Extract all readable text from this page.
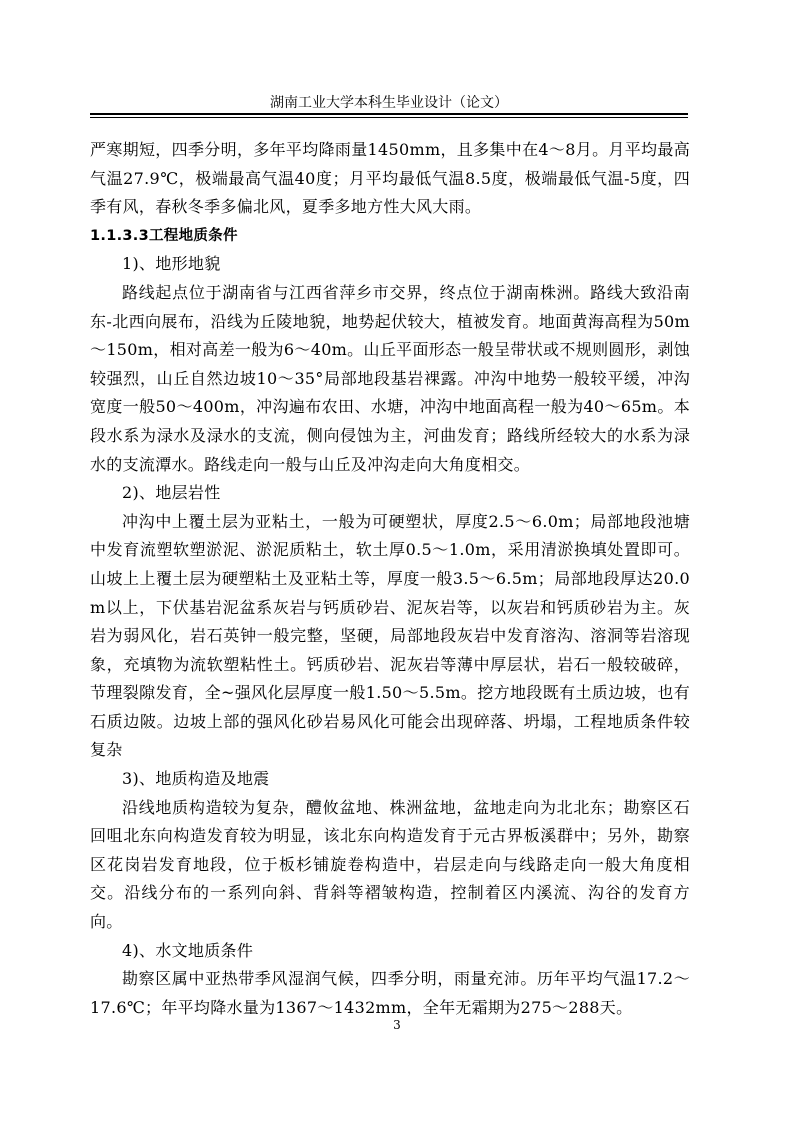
湖南工业大学本科生毕业设计（论文）

严寒期短，四季分明，多年平均降雨量1450mm，且多集中在4～8月。月平均最高气温27.9℃，极端最高气温40度；月平均最低气温8.5度，极端最低气温-5度，四季有风，春秋冬季多偏北风，夏季多地方性大风大雨。

1.1.3.3工程地质条件

1)、地形地貌

路线起点位于湖南省与江西省萍乡市交界，终点位于湖南株洲。路线大致沿南东-北西向展布，沿线为丘陵地貌，地势起伏较大，植被发育。地面黄海高程为50m～150m，相对高差一般为6～40m。山丘平面形态一般呈带状或不规则圆形，剥蚀较强烈，山丘自然边坡10～35°局部地段基岩裸露。冲沟中地势一般较平缓，冲沟宽度一般50～400m，冲沟遍布农田、水塘，冲沟中地面高程一般为40～65m。本段水系为渌水及渌水的支流，侧向侵蚀为主，河曲发育；路线所经较大的水系为渌水的支流潭水。路线走向一般与山丘及冲沟走向大角度相交。

2)、地层岩性

冲沟中上覆土层为亚粘土，一般为可硬塑状，厚度2.5～6.0m；局部地段池塘中发育流塑软塑淤泥、淤泥质粘土，软土厚0.5～1.0m，采用清淤换填处置即可。山坡上上覆土层为硬塑粘土及亚粘土等，厚度一般3.5～6.5m；局部地段厚达20.0m以上，下伏基岩泥盆系灰岩与钙质砂岩、泥灰岩等，以灰岩和钙质砂岩为主。灰岩为弱风化，岩石英钟一般完整，坚硬，局部地段灰岩中发育溶沟、溶洞等岩溶现象，充填物为流软塑粘性土。钙质砂岩、泥灰岩等薄中厚层状，岩石一般较破碎，节理裂隙发育，全~强风化层厚度一般1.50～5.5m。挖方地段既有土质边坡，也有石质边陂。边坡上部的强风化砂岩易风化可能会出现碎落、坍塌，工程地质条件较复杂

3)、地质构造及地震

沿线地质构造较为复杂，醴攸盆地、株洲盆地，盆地走向为北北东；勘察区石回咀北东向构造发育较为明显，该北东向构造发育于元古界板溪群中；另外，勘察区花岗岩发育地段，位于板杉铺旋卷构造中，岩层走向与线路走向一般大角度相交。沿线分布的一系列向斜、背斜等褶皱构造，控制着区内溪流、沟谷的发育方向。

4)、水文地质条件

勘察区属中亚热带季风湿润气候，四季分明，雨量充沛。历年平均气温17.2～17.6℃；年平均降水量为1367～1432mm，全年无霜期为275～288天。

3
